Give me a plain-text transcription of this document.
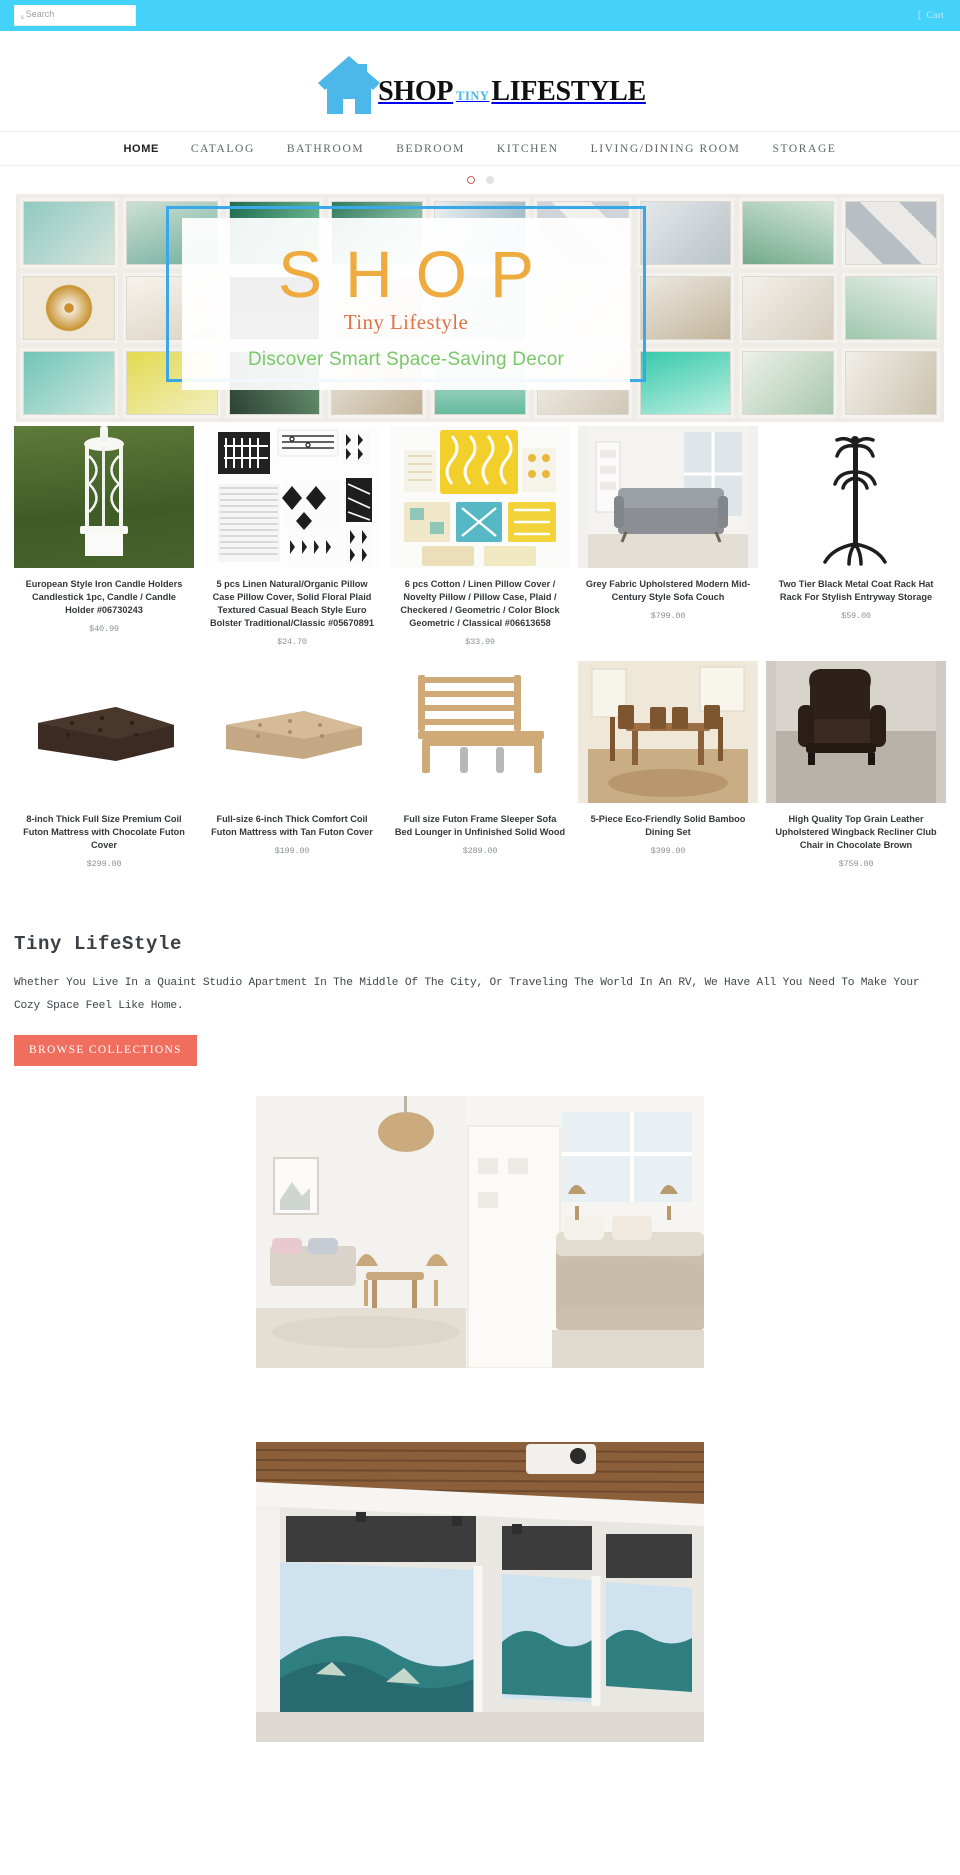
s
Search	[ Cart
SHOP TINY LIFESTYLE
HOME	CATALOG	BATHROOM	BEDROOM	KITCHEN	LIVING/DINING ROOM	STORAGE
SHOP
Tiny Lifestyle
Discover Smart Space-Saving Decor
European Style Iron Candle Holders Candlestick 1pc, Candle / Candle Holder #06730243
$40.99
5 pcs Linen Natural/Organic Pillow Case Pillow Cover, Solid Floral Plaid Textured Casual Beach Style Euro Bolster Traditional/Classic #05670891
$24.70
6 pcs Cotton / Linen Pillow Cover / Novelty Pillow / Pillow Case, Plaid / Checkered / Geometric / Color Block Geometric / Classical #06613658
$33.99
Grey Fabric Upholstered Modern Mid-Century Style Sofa Couch
$799.00
Two Tier Black Metal Coat Rack Hat Rack For Stylish Entryway Storage
$59.00
8-inch Thick Full Size Premium Coil Futon Mattress with Chocolate Futon Cover
$299.00
Full-size 6-inch Thick Comfort Coil Futon Mattress with Tan Futon Cover
$199.00
Full size Futon Frame Sleeper Sofa Bed Lounger in Unfinished Solid Wood
$289.00
5-Piece Eco-Friendly Solid Bamboo Dining Set
$399.00
High Quality Top Grain Leather Upholstered Wingback Recliner Club Chair in Chocolate Brown
$759.00
Tiny LifeStyle

Whether You Live In a Quaint Studio Apartment In The Middle Of The City, Or Traveling The World In An RV, We Have All You Need To Make Your Cozy Space Feel Like Home.

BROWSE COLLECTIONS
